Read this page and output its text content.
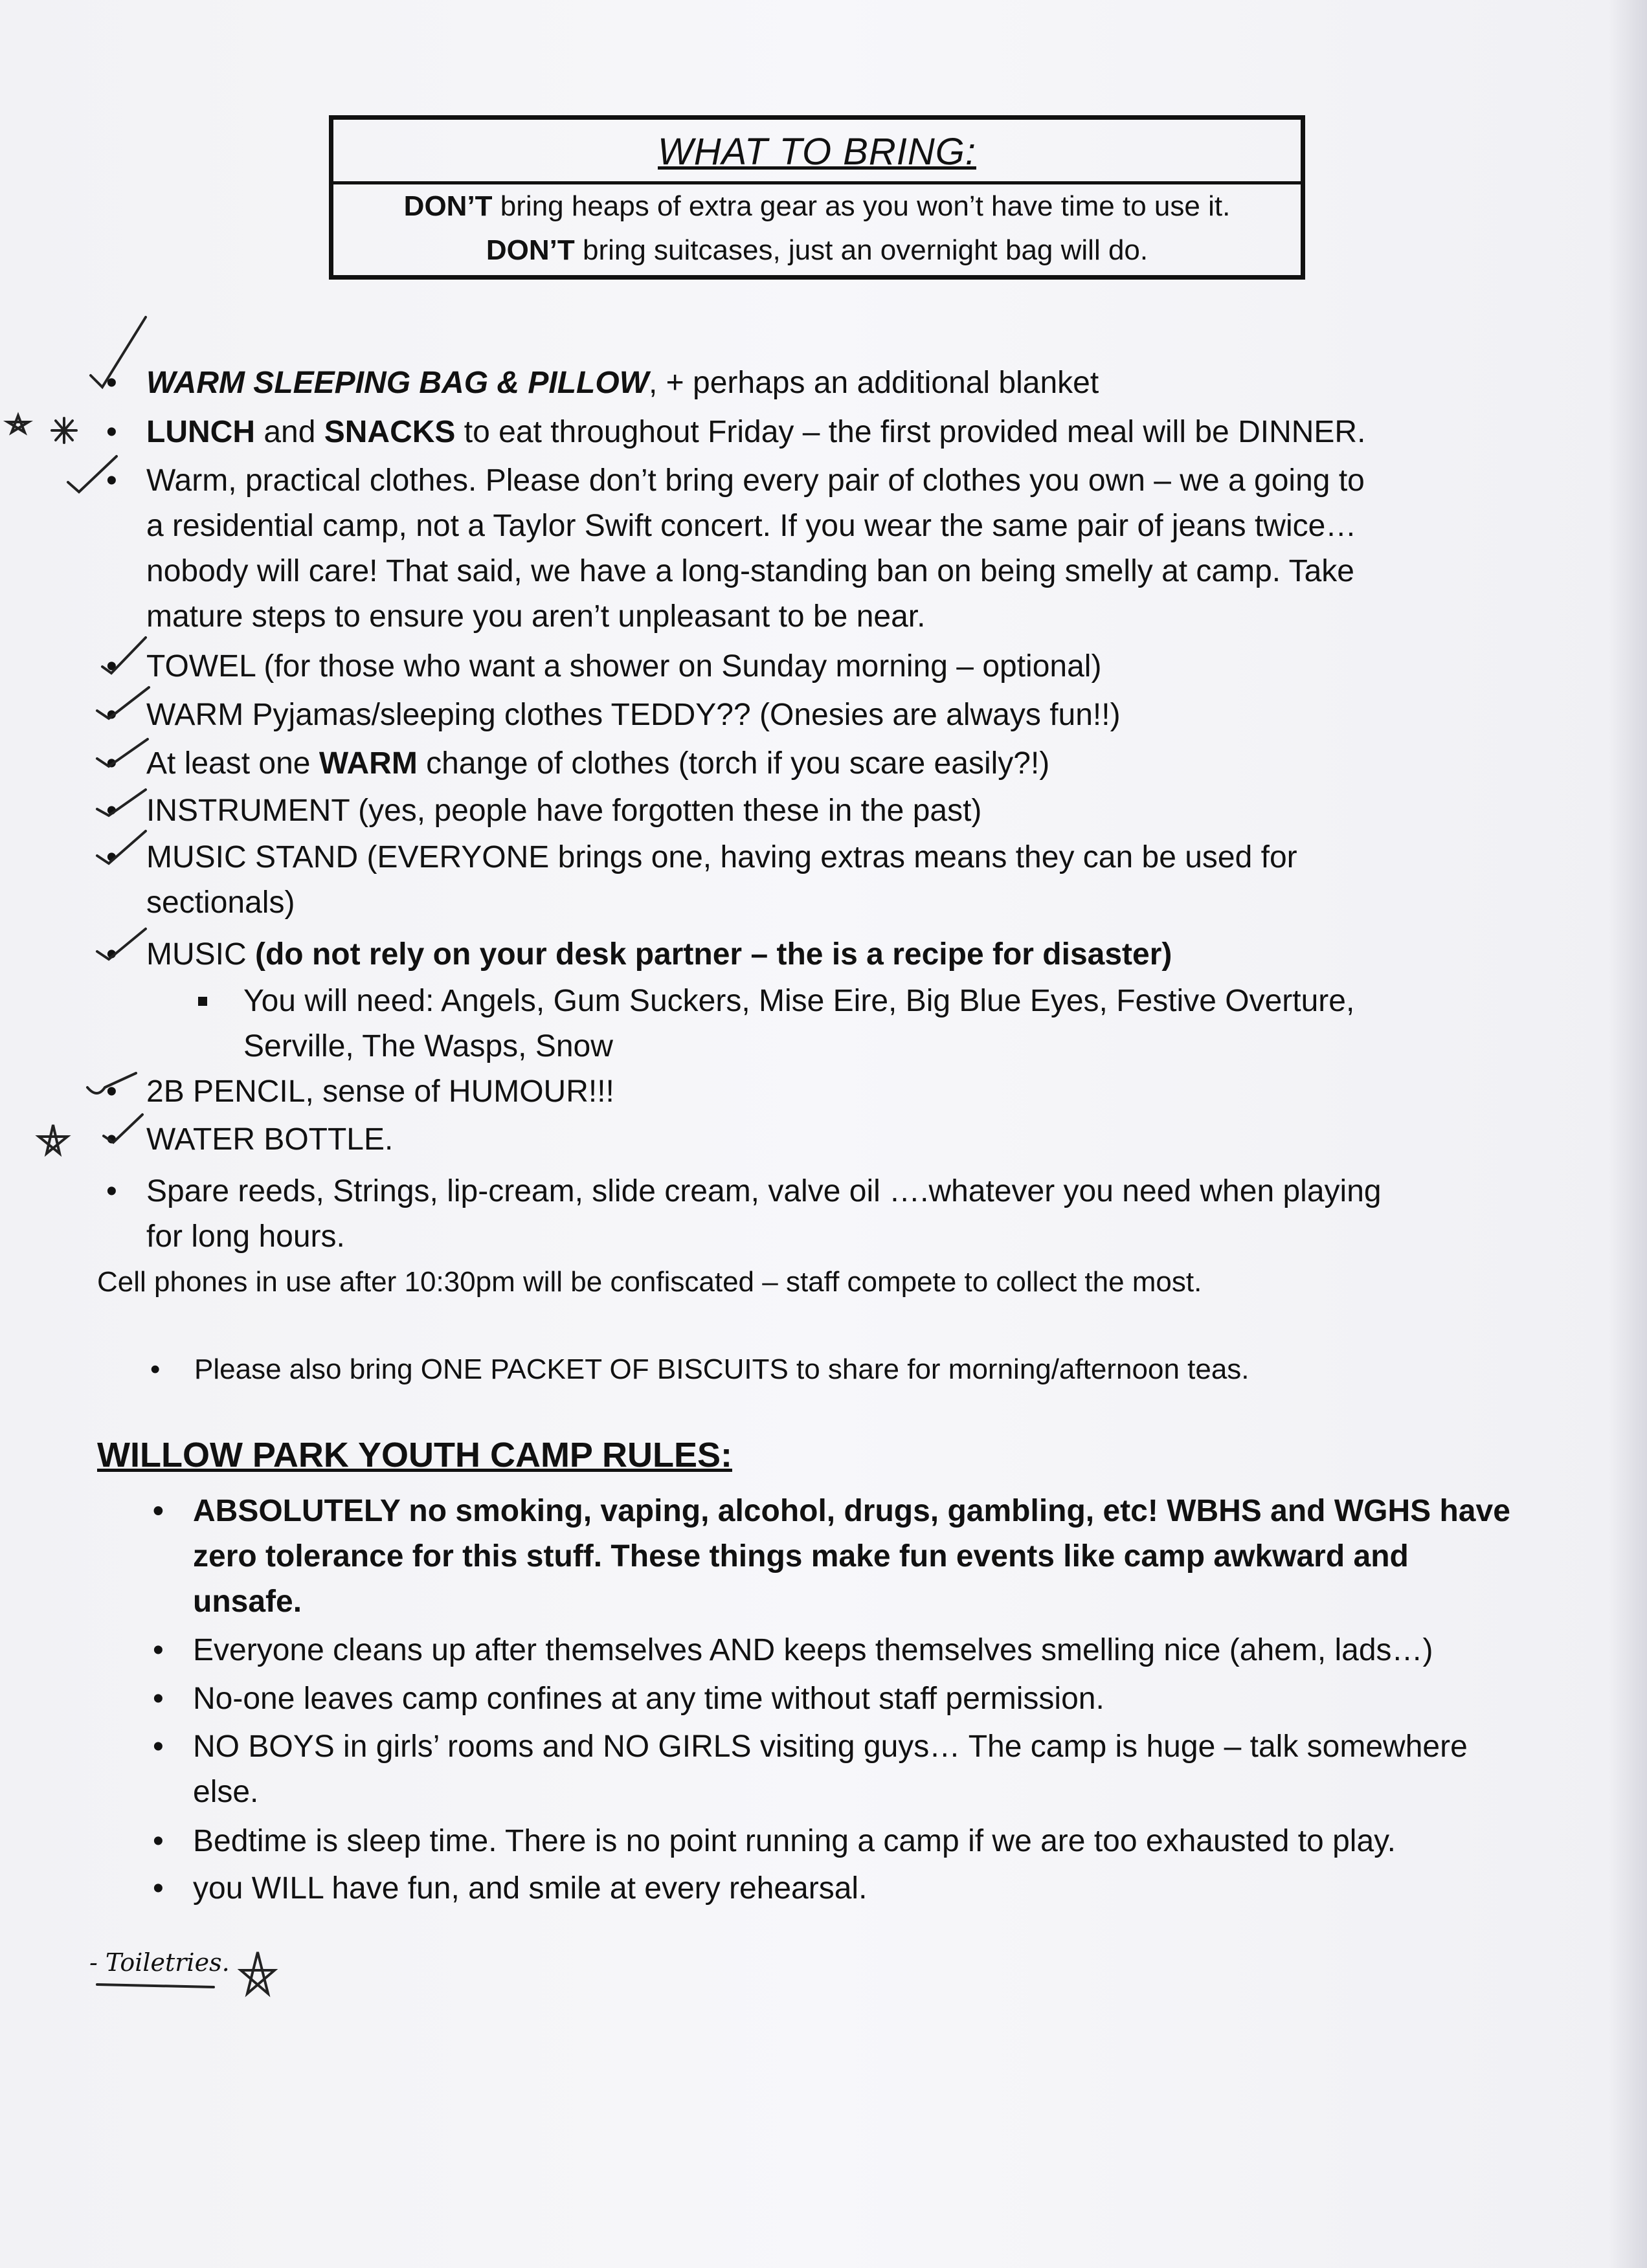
WHAT TO BRING:
DON’T bring heaps of extra gear as you won’t have time to use it.
DON’T bring suitcases, just an overnight bag will do.
• WARM SLEEPING BAG & PILLOW, + perhaps an additional blanket
• LUNCH and SNACKS to eat throughout Friday – the first provided meal will be DINNER.
• Warm, practical clothes. Please don’t bring every pair of clothes you own – we a going to
a residential camp, not a Taylor Swift concert. If you wear the same pair of jeans twice…
nobody will care! That said, we have a long-standing ban on being smelly at camp. Take
mature steps to ensure you aren’t unpleasant to be near.
• TOWEL (for those who want a shower on Sunday morning – optional)
• WARM Pyjamas/sleeping clothes TEDDY?? (Onesies are always fun!!)
• At least one WARM change of clothes (torch if you scare easily?!)
• INSTRUMENT (yes, people have forgotten these in the past)
• MUSIC STAND (EVERYONE brings one, having extras means they can be used for
sectionals)
• MUSIC (do not rely on your desk partner – the is a recipe for disaster)
You will need: Angels, Gum Suckers, Mise Eire, Big Blue Eyes, Festive Overture,
Serville, The Wasps, Snow
• 2B PENCIL, sense of HUMOUR!!!
• WATER BOTTLE.
• Spare reeds, Strings, lip-cream, slide cream, valve oil ….whatever you need when playing
for long hours.
Cell phones in use after 10:30pm will be confiscated – staff compete to collect the most.
• Please also bring ONE PACKET OF BISCUITS to share for morning/afternoon teas.
WILLOW PARK YOUTH CAMP RULES:
• ABSOLUTELY no smoking, vaping, alcohol, drugs, gambling, etc! WBHS and WGHS have
zero tolerance for this stuff. These things make fun events like camp awkward and
unsafe.
• Everyone cleans up after themselves AND keeps themselves smelling nice (ahem, lads…)
• No-one leaves camp confines at any time without staff permission.
• NO BOYS in girls’ rooms and NO GIRLS visiting guys… The camp is huge – talk somewhere
else.
• Bedtime is sleep time. There is no point running a camp if we are too exhausted to play.
• you WILL have fun, and smile at every rehearsal.
- Toiletries.
